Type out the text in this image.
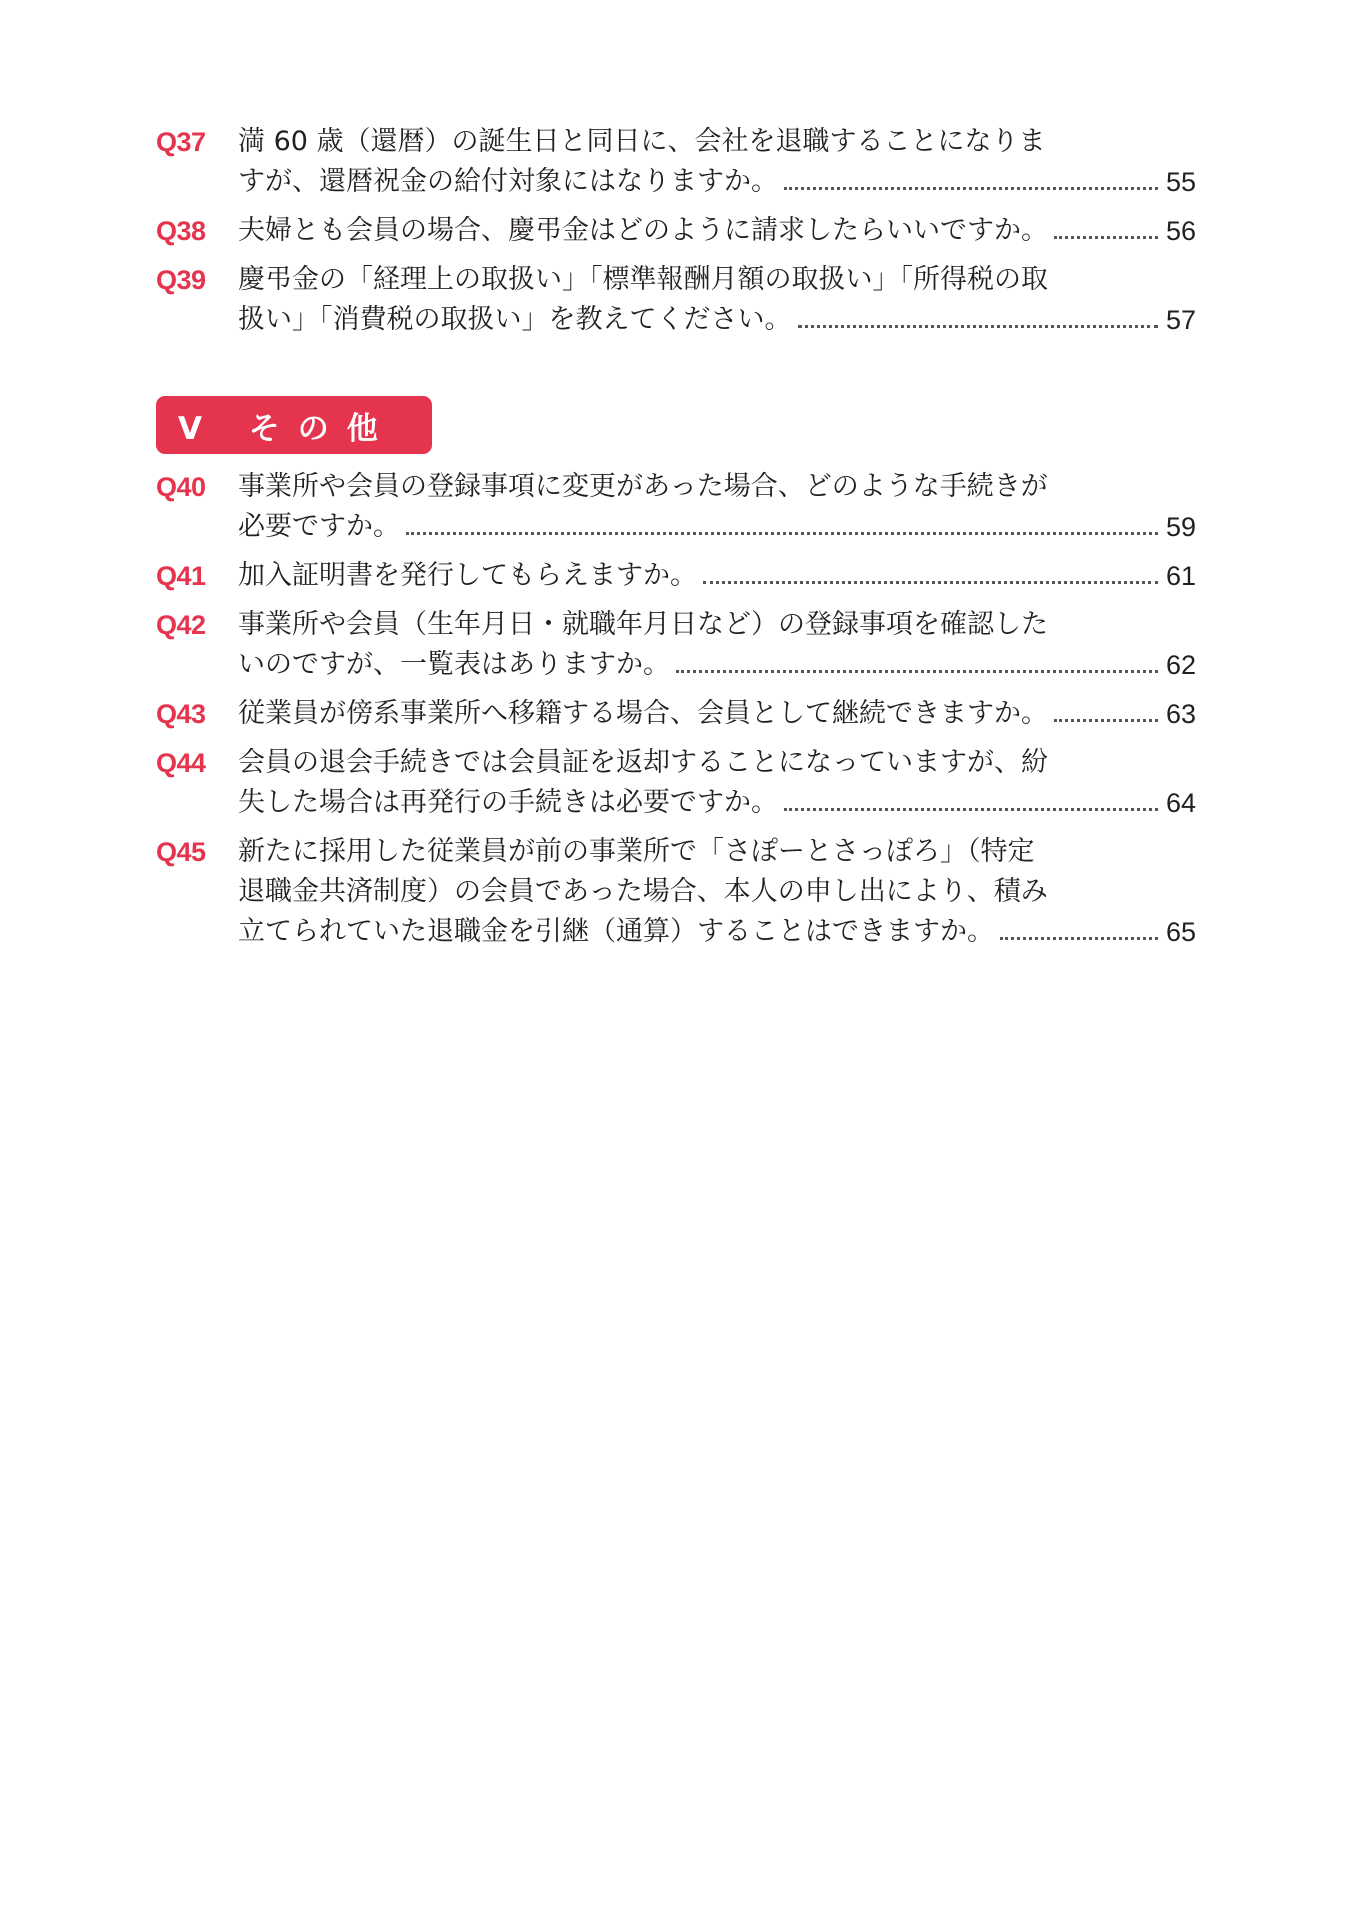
Q37	満 60 歳（還暦）の誕生日と同日に、会社を退職することになりま
すが、還暦祝金の給付対象にはなりますか。	55
Q38	夫婦とも会員の場合、慶弔金はどのように請求したらいいですか。	56
Q39	慶弔金の「経理上の取扱い」「標準報酬月額の取扱い」「所得税の取
扱い」「消費税の取扱い」を教えてください。	57
Ⅴ その他
Q40	事業所や会員の登録事項に変更があった場合、どのような手続きが
必要ですか。	59
Q41	加入証明書を発行してもらえますか。	61
Q42	事業所や会員（生年月日・就職年月日など）の登録事項を確認した
いのですが、一覧表はありますか。	62
Q43	従業員が傍系事業所へ移籍する場合、会員として継続できますか。	63
Q44	会員の退会手続きでは会員証を返却することになっていますが、紛
失した場合は再発行の手続きは必要ですか。	64
Q45	新たに採用した従業員が前の事業所で「さぽーとさっぽろ」（特定
退職金共済制度）の会員であった場合、本人の申し出により、積み
立てられていた退職金を引継（通算）することはできますか。	65
